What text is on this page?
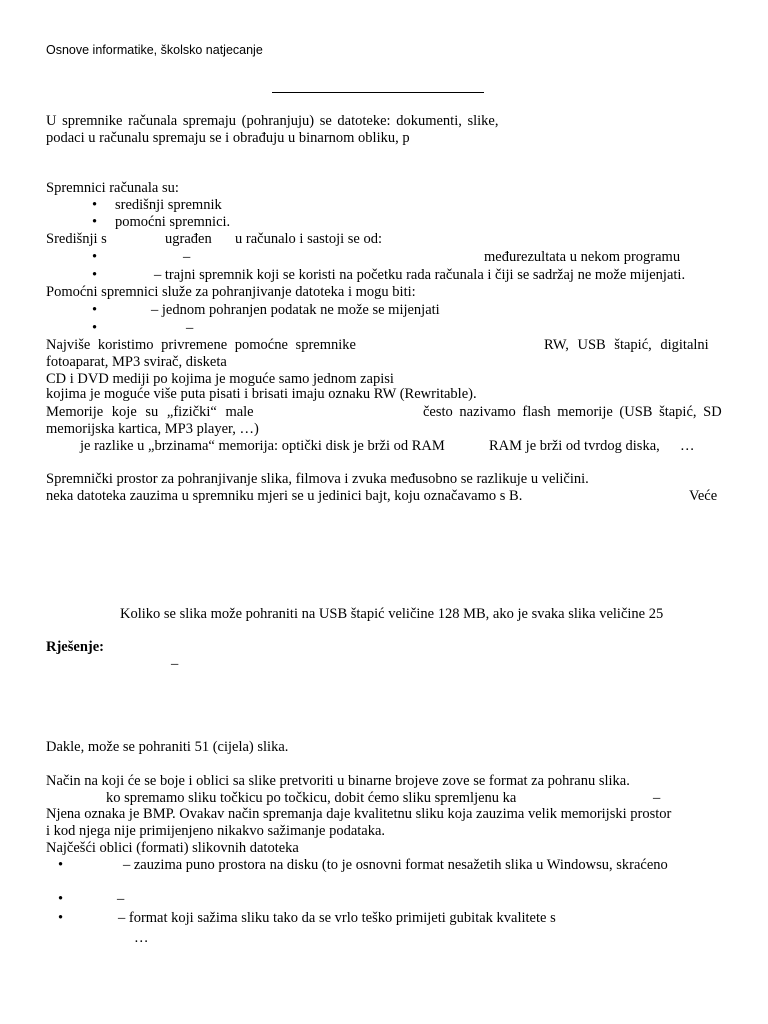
Osnove informatike, školsko natjecanje
U spremnike računala spremaju (pohranjuju) se datoteke: dokumenti, slike,
podaci u računalu spremaju se i obrađuju u binarnom obliku, p
Spremnici računala su:
•
središnji spremnik
•
pomoćni spremnici.
Središnji s	ugrađen u računalo i sastoji se od:
•
–	međurezultata u nekom programu
•
– trajni spremnik koji se koristi na početku rada računala i čiji se sadržaj ne može mijenjati.
Pomoćni spremnici služe za pohranjivanje datoteka i mogu biti:
•
– jednom pohranjen podatak ne može se mijenjati
•
–
Najviše koristimo privremene pomoćne spremnike	RW, USB štapić, digitalni
fotoaparat, MP3 svirač, disketa
CD i DVD mediji po kojima je moguće samo jednom zapisi
kojima je moguće više puta pisati i brisati imaju oznaku RW (Rewritable).
Memorije koje su „fizički“ male	često nazivamo flash memorije (USB štapić, SD
memorijska kartica, MP3 player, …)
je razlike u „brzinama“ memorija: optički disk je brži od RAM	RAM je brži od tvrdog diska, …
Spremnički prostor za pohranjivanje slika, filmova i zvuka međusobno se razlikuje u veličini.
neka datoteka zauzima u spremniku mjeri se u jedinici bajt, koju označavamo s B.	Veće
Koliko se slika može pohraniti na USB štapić veličine 128 MB, ako je svaka slika veličine 25
Rješenje:
–
Dakle, može se pohraniti 51 (cijela) slika.
Način na koji će se boje i oblici sa slike pretvoriti u binarne brojeve zove se format za pohranu slika.
ko spremamo sliku točkicu po točkicu, dobit ćemo sliku spremljenu ka	–
Njena oznaka je BMP. Ovakav način spremanja daje kvalitetnu sliku koja zauzima velik memorijski prostor
i kod njega nije primijenjeno nikakvo sažimanje podataka.
Najčešći oblici (formati) slikovnih datoteka
•
– zauzima puno prostora na disku (to je osnovni format nesažetih slika u Windowsu, skraćeno
•
–
•
– format koji sažima sliku tako da se vrlo teško primijeti gubitak kvalitete s
…
